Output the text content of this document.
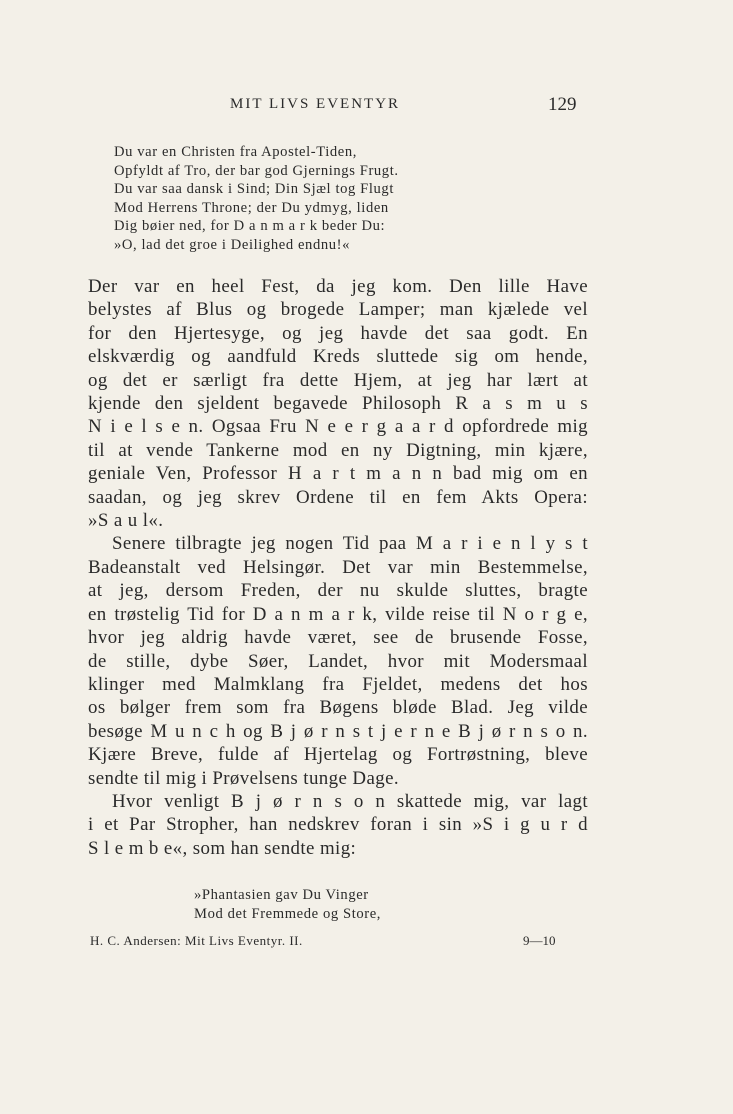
MIT LIVS EVENTYR	129
Du var en Christen fra Apostel-Tiden,
Opfyldt af Tro, der bar god Gjernings Frugt.
Du var saa dansk i Sind; Din Sjæl tog Flugt
Mod Herrens Throne; der Du ydmyg, liden
Dig bøier ned, for D a n m a r k beder Du:
»O, lad det groe i Deilighed endnu!«
Der var en heel Fest, da jeg kom. Den lille Have
belystes af Blus og brogede Lamper; man kjælede vel
for den Hjertesyge, og jeg havde det saa godt. En
elskværdig og aandfuld Kreds sluttede sig om hende,
og det er særligt fra dette Hjem, at jeg har lært at
kjende den sjeldent begavede Philosoph R a s m u s
N i e l s e n. Ogsaa Fru N e e r g a a r d opfordrede mig
til at vende Tankerne mod en ny Digtning, min kjære,
geniale Ven, Professor H a r t m a n n bad mig om en
saadan, og jeg skrev Ordene til en fem Akts Opera:
»S a u l«.
Senere tilbragte jeg nogen Tid paa M a r i e n l y s t
Badeanstalt ved Helsingør. Det var min Bestemmelse,
at jeg, dersom Freden, der nu skulde sluttes, bragte
en trøstelig Tid for D a n m a r k, vilde reise til N o r g e,
hvor jeg aldrig havde været, see de brusende Fosse,
de stille, dybe Søer, Landet, hvor mit Modersmaal
klinger med Malmklang fra Fjeldet, medens det hos
os bølger frem som fra Bøgens bløde Blad. Jeg vilde
besøge M u n c h og B j ø r n s t j e r n e B j ø r n s o n.
Kjære Breve, fulde af Hjertelag og Fortrøstning, bleve
sendte til mig i Prøvelsens tunge Dage.
Hvor venligt B j ø r n s o n skattede mig, var lagt
i et Par Stropher, han nedskrev foran i sin »S i g u r d
S l e m b e«, som han sendte mig:
»Phantasien gav Du Vinger
Mod det Fremmede og Store,
H. C. Andersen: Mit Livs Eventyr. II.	9—10
